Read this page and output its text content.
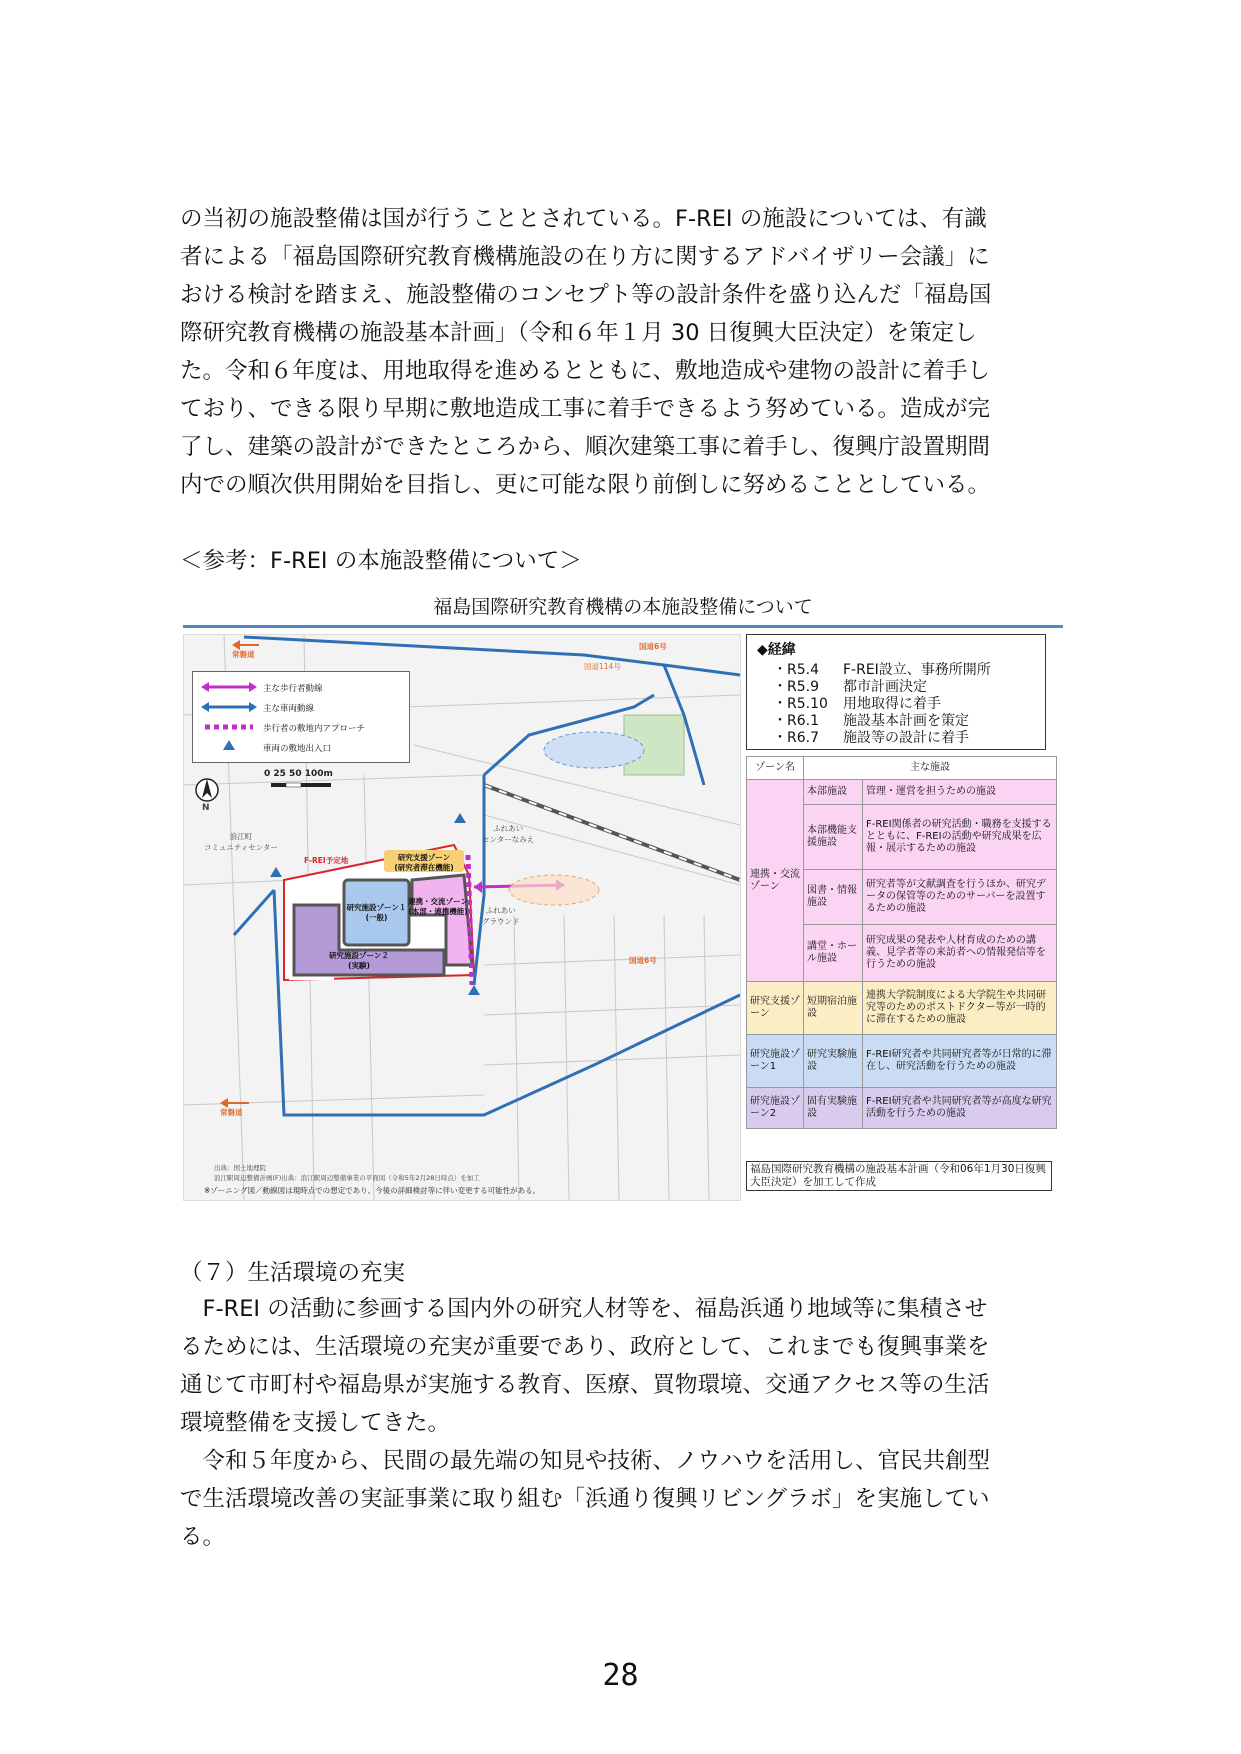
の当初の施設整備は国が行うこととされている。F-REI の施設については、有識
者による「福島国際研究教育機構施設の在り方に関するアドバイザリー会議」に
おける検討を踏まえ、施設整備のコンセプト等の設計条件を盛り込んだ「福島国
際研究教育機構の施設基本計画」（令和６年１月 30 日復興大臣決定）を策定し
た。令和６年度は、用地取得を進めるとともに、敷地造成や建物の設計に着手し
ており、できる限り早期に敷地造成工事に着手できるよう努めている。造成が完
了し、建築の設計ができたところから、順次建築工事に着手し、復興庁設置期間
内での順次供用開始を目指し、更に可能な限り前倒しに努めることとしている。
＜参考：F-REI の本施設整備について＞
福島国際研究教育機構の本施設整備について
主な歩行者動線
主な車両動線
歩行者の敷地内アプローチ
車両の敷地出入口
N
0 25 50 100m
常磐道
常磐道
国道6号
国道6号
国道114号
F-REI予定地	研究支援ゾーン
(研究者滞在機能)
研究施設ゾーン１
(一般)
連携・交流ゾーン
(本部・連携機能)
研究施設ゾーン２
(実験)
ふれあい
センターなみえ
ふれあい
グラウンド
浪江町
コミュニティセンター
出典：国土地理院
浪江駅周辺整備計画(F)出典：浪江駅周辺整備事業の平面図（令和5年2月28日時点）を加工
※ゾーニング図／動線図は現時点での想定であり、今後の詳細検討等に伴い変更する可能性がある。
◆経緯
・R5.4 F-REI設立、事務所開所
・R5.9 都市計画決定
・R5.10 用地取得に着手
・R6.1 施設基本計画を策定
・R6.7 施設等の設計に着手
ゾーン名	主な施設	
連携・交流ゾーン	本部施設	管理・運営を担うための施設
	本部機能支援施設	F-REI関係者の研究活動・職務を支援するとともに、F-REIの活動や研究成果を広報・展示するための施設
	図書・情報施設	研究者等が文献調査を行うほか、研究データの保管等のためのサーバーを設置するための施設
	講堂・ホール施設	研究成果の発表や人材育成のための講義、見学者等の来訪者への情報発信等を行うための施設
研究支援ゾーン	短期宿泊施設	連携大学院制度による大学院生や共同研究等のためのポストドクター等が一時的に滞在するための施設
研究施設ゾーン1	研究実験施設	F-REI研究者や共同研究者等が日常的に滞在し、研究活動を行うための施設
研究施設ゾーン2	固有実験施設	F-REI研究者や共同研究者等が高度な研究活動を行うための施設
福島国際研究教育機構の施設基本計画（令和06年1月30日復興大臣決定）を加工して作成
（７）生活環境の充実
　F-REI の活動に参画する国内外の研究人材等を、福島浜通り地域等に集積させ
るためには、生活環境の充実が重要であり、政府として、これまでも復興事業を
通じて市町村や福島県が実施する教育、医療、買物環境、交通アクセス等の生活
環境整備を支援してきた。
　令和５年度から、民間の最先端の知見や技術、ノウハウを活用し、官民共創型
で生活環境改善の実証事業に取り組む「浜通り復興リビングラボ」を実施してい
る。
28
